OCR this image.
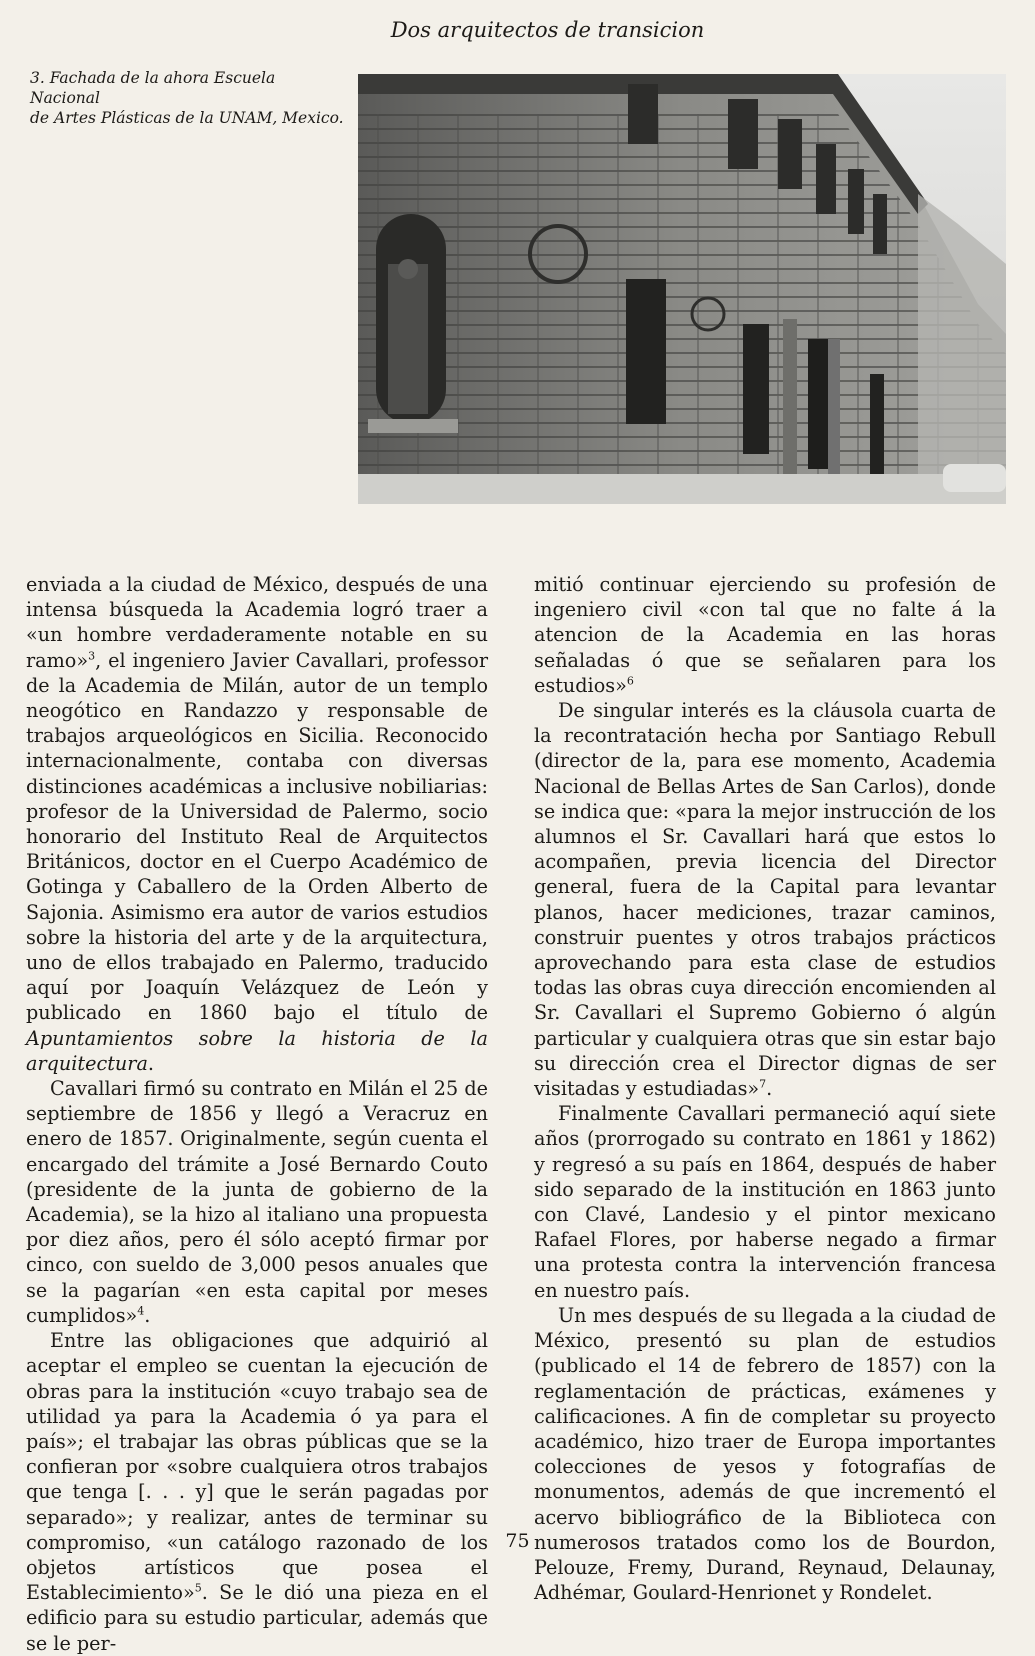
Dos arquitectos de transicion
3. Fachada de la ahora Escuela Nacional
de Artes Plásticas de la UNAM, Mexico.

enviada a la ciudad de México, después de una intensa búsqueda la Academia logró traer a «un hombre verdaderamente notable en su ramo»$^3$, el ingeniero Javier Cavallari, professor de la Academia de Milán, autor de un templo neogótico en Randazzo y responsable de trabajos arqueológicos en Sicilia. Reconocido internacionalmente, contaba con diversas distinciones académicas a inclusive nobiliarias: profesor de la Universidad de Palermo, socio honorario del Instituto Real de Arquitectos Británicos, doctor en el Cuerpo Académico de Gotinga y Caballero de la Orden Alberto de Sajonia. Asimismo era autor de varios estudios sobre la historia del arte y de la arquitectura, uno de ellos trabajado en Palermo, traducido aquí por Joaquín Velázquez de León y publicado en 1860 bajo el título de Apuntamientos sobre la historia de la arquitectura.

Cavallari firmó su contrato en Milán el 25 de septiembre de 1856 y llegó a Veracruz en enero de 1857. Originalmente, según cuenta el encargado del trámite a José Bernardo Couto (presidente de la junta de gobierno de la Academia), se la hizo al italiano una propuesta por diez años, pero él sólo aceptó firmar por cinco, con sueldo de 3,000 pesos anuales que se la pagarían «en esta capital por meses cumplidos»$^4$.

Entre las obligaciones que adquirió al aceptar el empleo se cuentan la ejecución de obras para la institución «cuyo trabajo sea de utilidad ya para la Academia ó ya para el país»; el trabajar las obras públicas que se la confieran por «sobre cualquiera otros trabajos que tenga [. . . y] que le serán pagadas por separado»; y realizar, antes de terminar su compromiso, «un catálogo razonado de los objetos artísticos que posea el Establecimiento»$^5$. Se le dió una pieza en el edificio para su estudio particular, además que se le per-

mitió continuar ejerciendo su profesión de ingeniero civil «con tal que no falte á la atencion de la Academia en las horas señaladas ó que se señalaren para los estudios»$^6$

De singular interés es la cláusola cuarta de la recontratación hecha por Santiago Rebull (director de la, para ese momento, Academia Nacional de Bellas Artes de San Carlos), donde se indica que: «para la mejor instrucción de los alumnos el Sr. Cavallari hará que estos lo acompañen, previa licencia del Director general, fuera de la Capital para levantar planos, hacer mediciones, trazar caminos, construir puentes y otros trabajos prácticos aprovechando para esta clase de estudios todas las obras cuya dirección encomienden al Sr. Cavallari el Supremo Gobierno ó algún particular y cualquiera otras que sin estar bajo su dirección crea el Director dignas de ser visitadas y estudiadas»$^7$.

Finalmente Cavallari permaneció aquí siete años (prorrogado su contrato en 1861 y 1862) y regresó a su país en 1864, después de haber sido separado de la institución en 1863 junto con Clavé, Landesio y el pintor mexicano Rafael Flores, por haberse negado a firmar una protesta contra la intervención francesa en nuestro país.

Un mes después de su llegada a la ciudad de México, presentó su plan de estudios (publicado el 14 de febrero de 1857) con la reglamentación de prácticas, exámenes y calificaciones. A fin de completar su proyecto académico, hizo traer de Europa importantes colecciones de yesos y fotografías de monumentos, además de que incrementó el acervo bibliográfico de la Biblioteca con numerosos tratados como los de Bourdon, Pelouze, Fremy, Durand, Reynaud, Delaunay, Adhémar, Goulard-Henrionet y Rondelet.

75
